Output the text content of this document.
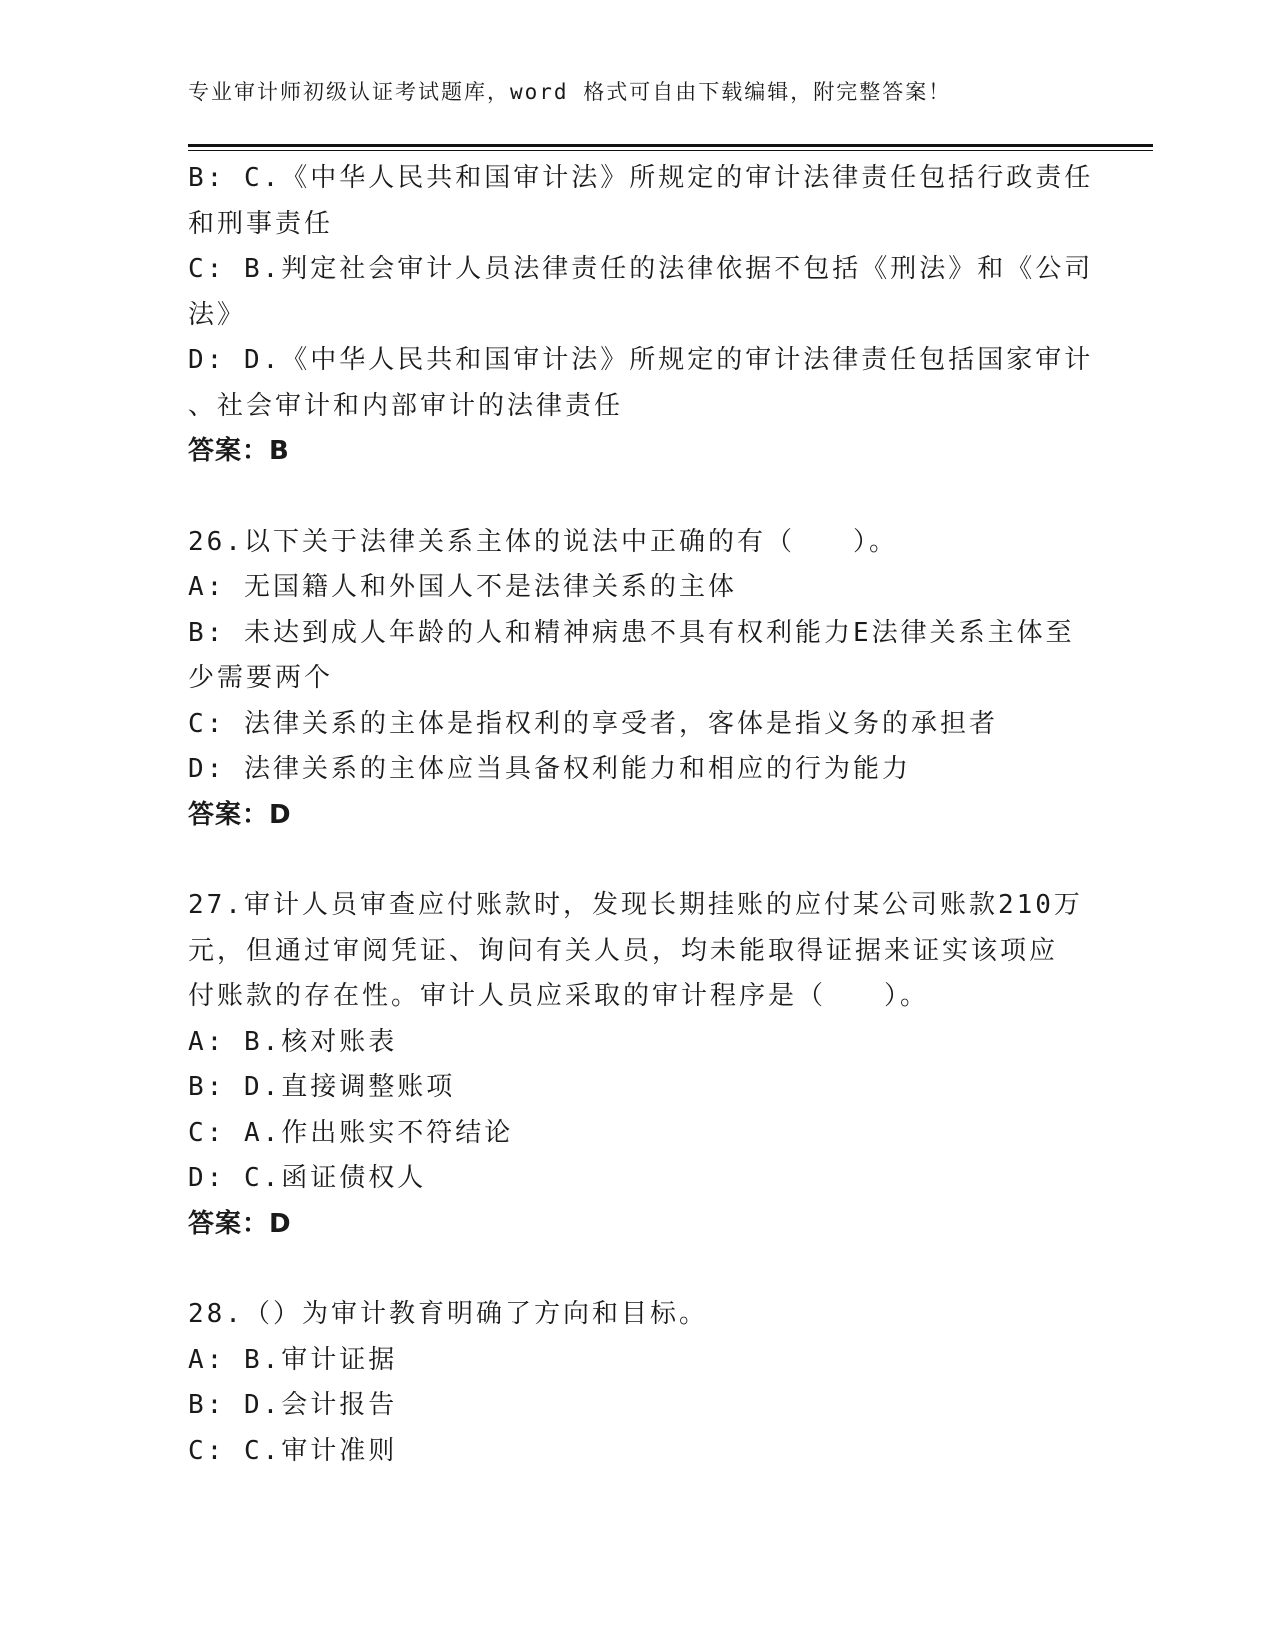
专业审计师初级认证考试题库，word 格式可自由下载编辑，附完整答案！
B: C.《中华人民共和国审计法》所规定的审计法律责任包括行政责任
和刑事责任
C: B.判定社会审计人员法律责任的法律依据不包括《刑法》和《公司
法》
D: D.《中华人民共和国审计法》所规定的审计法律责任包括国家审计
、社会审计和内部审计的法律责任
答案：B
26.以下关于法律关系主体的说法中正确的有（　　）。
A: 无国籍人和外国人不是法律关系的主体
B: 未达到成人年龄的人和精神病患不具有权利能力E法律关系主体至
少需要两个
C: 法律关系的主体是指权利的享受者，客体是指义务的承担者
D: 法律关系的主体应当具备权利能力和相应的行为能力
答案：D
27.审计人员审查应付账款时，发现长期挂账的应付某公司账款210万
元，但通过审阅凭证、询问有关人员，均未能取得证据来证实该项应
付账款的存在性。审计人员应采取的审计程序是（　　）。
A: B.核对账表
B: D.直接调整账项
C: A.作出账实不符结论
D: C.函证债权人
答案：D
28.（）为审计教育明确了方向和目标。
A: B.审计证据
B: D.会计报告
C: C.审计准则
